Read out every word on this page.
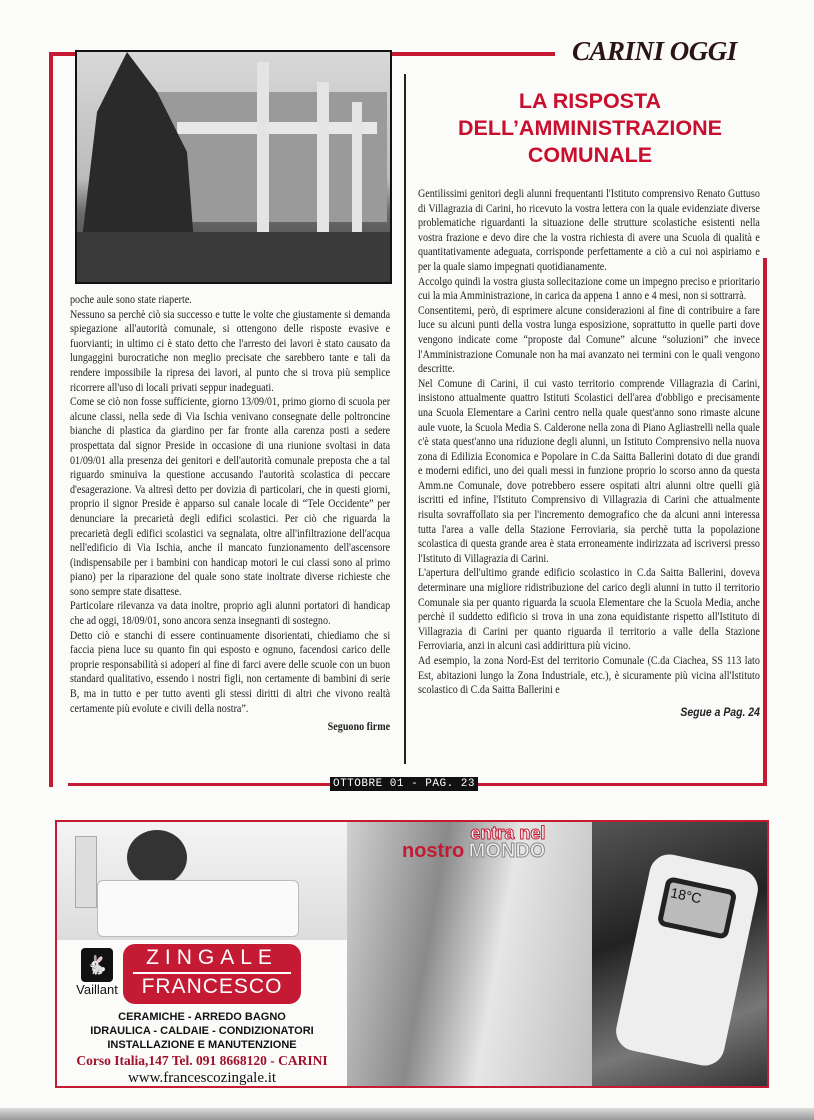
CARINI OGGI
LA RISPOSTA
DELL’AMMINISTRAZIONE
COMUNALE

poche aule sono state riaperte.

Nessuno sa perchè ciò sia successo e tutte le volte che giustamente si demanda spiegazione all'autorità comunale, si ottengono delle risposte evasive e fuorvianti; in ultimo ci è stato detto che l'arresto dei lavori è stato causato da lungaggini burocratiche non meglio precisate che sarebbero tante e tali da rendere impossibile la ripresa dei lavori, al punto che si trova più semplice ricorrere all'uso di locali privati seppur inadeguati.

Come se ciò non fosse sufficiente, giorno 13/09/01, primo giorno di scuola per alcune classi, nella sede di Via Ischia venivano consegnate delle poltroncine bianche di plastica da giardino per far fronte alla carenza posti a sedere prospettata dal signor Preside in occasione di una riunione svoltasi in data 01/09/01 alla presenza dei genitori e dell'autorità comunale preposta che a tal riguardo sminuiva la questione accusando l'autorità scolastica di peccare d'esagerazione. Va altresì detto per dovizia di particolari, che in questi giorni, proprio il signor Preside è apparso sul canale locale di “Tele Occidente” per denunciare la precarietà degli edifici scolastici. Per ciò che riguarda la precarietà degli edifici scolastici va segnalata, oltre all'infiltrazione dell'acqua nell'edificio di Via Ischia, anche il mancato funzionamento dell'ascensore (indispensabile per i bambini con handicap motori le cui classi sono al primo piano) per la riparazione del quale sono state inoltrate diverse richieste che sono sempre state disattese.

Particolare rilevanza va data inoltre, proprio agli alunni portatori di handicap che ad oggi, 18/09/01, sono ancora senza insegnanti di sostegno.

Detto ciò e stanchi di essere continuamente disorientati, chiediamo che si faccia piena luce su quanto fin qui esposto e ognuno, facendosi carico delle proprie responsabilità si adoperi al fine di farci avere delle scuole con un buon standard qualitativo, essendo i nostri figli, non certamente di bambini di serie B, ma in tutto e per tutto aventi gli stessi diritti di altri che vivono realtà certamente più evolute e civili della nostra”.

Seguono firme

Gentilissimi genitori degli alunni frequentanti l'Istituto comprensivo Renato Guttuso di Villagrazia di Carini, ho ricevuto la vostra lettera con la quale evidenziate diverse problematiche riguardanti la situazione delle strutture scolastiche esistenti nella vostra frazione e devo dire che la vostra richiesta di avere una Scuola di qualità e quantitativamente adeguata, corrisponde perfettamente a ciò a cui noi aspiriamo e per la quale siamo impegnati quotidianamente.

Accolgo quindi la vostra giusta sollecitazione come un impegno preciso e prioritario cui la mia Amministrazione, in carica da appena 1 anno e 4 mesi, non si sottrarrà.

Consentitemi, però, di esprimere alcune considerazioni al fine di contribuire a fare luce su alcuni punti della vostra lunga esposizione, soprattutto in quelle parti dove vengono indicate come “proposte dal Comune” alcune “soluzioni” che invece l'Amministrazione Comunale non ha mai avanzato nei termini con le quali vengono descritte.

Nel Comune di Carini, il cui vasto territorio comprende Villagrazia di Carini, insistono attualmente quattro Istituti Scolastici dell'area d'obbligo e precisamente una Scuola Elementare a Carini centro nella quale quest'anno sono rimaste alcune aule vuote, la Scuola Media S. Calderone nella zona di Piano Agliastrelli nella quale c'è stata quest'anno una riduzione degli alunni, un Istituto Comprensivo nella nuova zona di Edilizia Economica e Popolare in C.da Saitta Ballerini dotato di due grandi e moderni edifici, uno dei quali messi in funzione proprio lo scorso anno da questa Amm.ne Comunale, dove potrebbero essere ospitati altri alunni oltre quelli già iscritti ed infine, l'Istituto Comprensivo di Villagrazia di Carini che attualmente risulta sovraffollato sia per l'incremento demografico che da alcuni anni interessa tutta l'area a valle della Stazione Ferroviaria, sia perchè tutta la popolazione scolastica di questa grande area è stata erroneamente indirizzata ad iscriversi presso l'Istituto di Villagrazia di Carini.

L'apertura dell'ultimo grande edificio scolastico in C.da Saitta Ballerini, doveva determinare una migliore ridistribuzione del carico degli alunni in tutto il territorio Comunale sia per quanto riguarda la scuola Elementare che la Scuola Media, anche perchè il suddetto edificio si trova in una zona equidistante rispetto all'Istituto di Villagrazia di Carini per quanto riguarda il territorio a valle della Stazione Ferroviaria, anzi in alcuni casi addirittura più vicino.

Ad esempio, la zona Nord-Est del territorio Comunale (C.da Ciachea, SS 113 lato Est, abitazioni lungo la Zona Industriale, etc.), è sicuramente più vicina all'Istituto scolastico di C.da Saitta Ballerini e

Segue a Pag. 24

OTTOBRE 01 - PAG. 23
18°C
entra nel
nostro MONDO
🐇
Vaillant
ZINGALE
FRANCESCO
CERAMICHE - ARREDO BAGNO
IDRAULICA - CALDAIE - CONDIZIONATORI
INSTALLAZIONE E MANUTENZIONE
Corso Italia,147 Tel. 091 8668120 - CARINI
www.francescozingale.it
